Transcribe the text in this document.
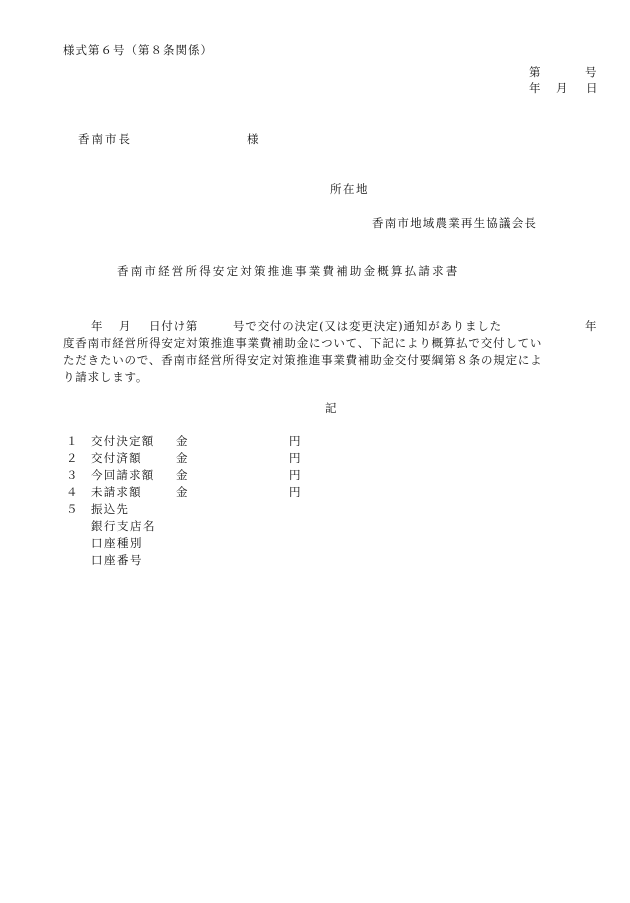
様式第６号（第８条関係）
第	号
年 月 日
香南市長	様
所在地
香南市地域農業再生協議会長
香南市経営所得安定対策推進事業費補助金概算払請求書
年 月 日付け第	号で交付の決定(又は変更決定)通知がありました	年
度香南市経営所得安定対策推進事業費補助金について、下記により概算払で交付してい
ただきたいので、香南市経営所得安定対策推進事業費補助金交付要綱第８条の規定によ
り請求します。
記
１ 交付決定額 金	円
２ 交付済額	金	円
３ 今回請求額 金	円
４ 未請求額	金	円
５ 振込先
銀行支店名
口座種別
口座番号
